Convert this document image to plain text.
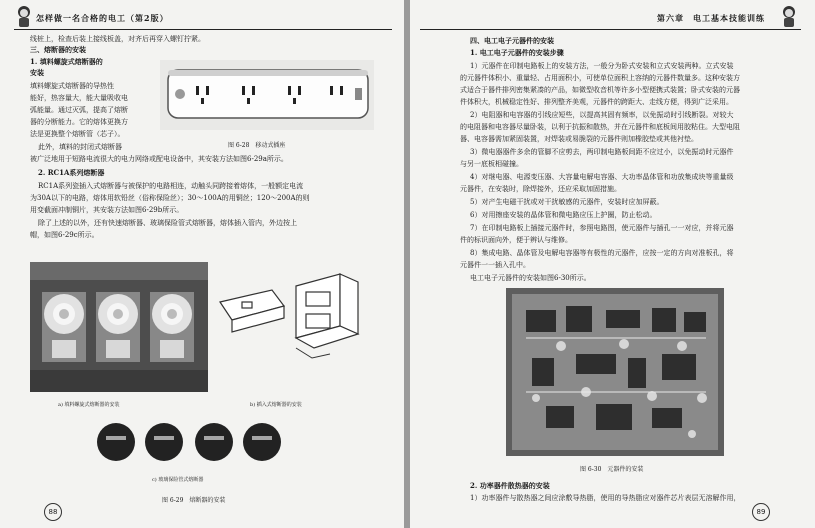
怎样做一名合格的电工（第2版）
线桩上，检查后装上接线板盖，对齐后再穿入螺钉拧紧。
三、熔断器的安装
1. 填料螺旋式熔断器的
安装
填料螺旋式熔断器的导热性
能好，热容量大，能大量吸收电
弧能量。通过灭弧，提高了熔断
器的分断能力。它的熔体更换方
法是更换整个熔断管（芯子）。
此外，填料的封闭式熔断器
被广泛地用于短路电流很大的电力网络或配电设备中，其安装方法如图6-29a所示。
2. RC1A系列熔断器
RC1A系列瓷插入式熔断器与被保护的电路相连，动触头同跨接着熔体，一般额定电流
为30A以下的电路，熔体用软铅丝（俗称保险丝）；30～100A的用铜丝；120～200A的则
用变截面冲制铜片，其安装方法如图6-29b所示。
除了上述的以外，还有快速熔断器、玻璃保险管式熔断器，熔体插入管内，外边按上
帽，如图6-29c所示。
图 6-28　移动式插座
a) 填料螺旋式熔断器的安装	b) 插入式熔断器的安装
c) 玻璃保险管式熔断器
图 6-29　熔断器的安装
88
第六章　电工基本技能训练
四、电工电子元器件的安装
1. 电工电子元器件的安装步骤
1）元器件在印制电路板上的安装方法，一般分为卧式安装和立式安装两种。立式安装
的元器件体积小、重量轻、占用面积小，可使单位面积上容纳的元器件数量多。这种安装方
式适合于器件排列密集紧凑的产品，如微型收音机等许多小型便携式装置；卧式安装的元器
件体积大，机械稳定性好、排列整齐美观，元器件的跨距大、走线方便，得到广泛采用。
2）电阻器和电容器的引线应短些，以提高其固有频率，以免振动时引线断裂。对较大
的电阻器和电容器尽量卧装，以利于抗振和散热，并在元器件和底板间用胶粘住。大型电阻
器、电容器需加紧固装置，对焊装或易脆裂的元器件则加橡胶垫或其他衬垫。
3）微电器器件多余的管脚不应剪去，两印制电路板间距不应过小，以免振动时元器件
与另一底板相碰撞。
4）对继电器、电源变压器、大容量电解电容器、大功率晶体管和功放集成块等重量级
元器件，在安装时，除焊接外，还应采取加固措施。
5）对产生电磁干扰或对干扰敏感的元器件，安装时应加屏蔽。
6）对用擦座安装的晶体管和微电路应压上护圈，防止松动。
7）在印制电路板上插接元器件时，参照电路图，使元器件与插孔一一对应，并将元器
件的标识面向外，便于辨认与维修。
8）集成电路、晶体管及电解电容器等有极性的元器件，应按一定的方向对准板孔，将
元器件一一插入孔中。
电工电子元器件的安装如图6-30所示。
图 6-30　元器件的安装
2. 功率器件散热器的安装
1）功率器件与散热器之间应涂敷导热脂，使用的导热脂应对器件芯片表层无溶解作用，
89
